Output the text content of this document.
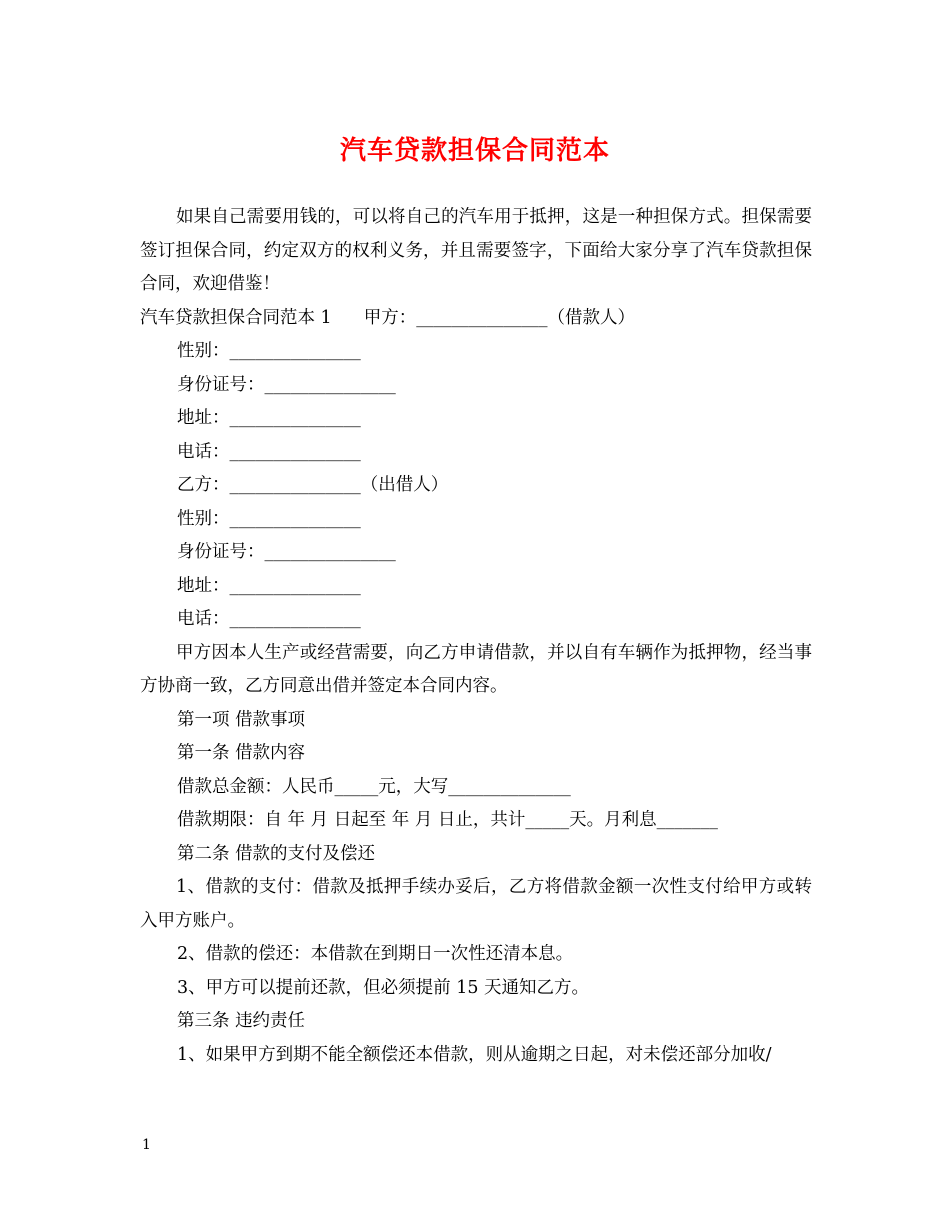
汽车贷款担保合同范本

如果自己需要用钱的，可以将自己的汽车用于抵押，这是一种担保方式。担保需要签订担保合同，约定双方的权利义务，并且需要签字，下面给大家分享了汽车贷款担保合同，欢迎借鉴！

汽车贷款担保合同范本 1 甲方：_______________（借款人）

性别：_______________

身份证号：_______________

地址：_______________

电话：_______________

乙方：_______________（出借人）

性别：_______________

身份证号：_______________

地址：_______________

电话：_______________

甲方因本人生产或经营需要，向乙方申请借款，并以自有车辆作为抵押物，经当事方协商一致，乙方同意出借并签定本合同内容。

第一项 借款事项

第一条 借款内容

借款总金额：人民币_____元，大写______________

借款期限：自 年 月 日起至 年 月 日止，共计_____天。月利息_______

第二条 借款的支付及偿还

1、借款的支付：借款及抵押手续办妥后，乙方将借款金额一次性支付给甲方或转入甲方账户。

2、借款的偿还：本借款在到期日一次性还清本息。

3、甲方可以提前还款，但必须提前 15 天通知乙方。

第三条 违约责任

1、如果甲方到期不能全额偿还本借款，则从逾期之日起，对未偿还部分加收/

1
